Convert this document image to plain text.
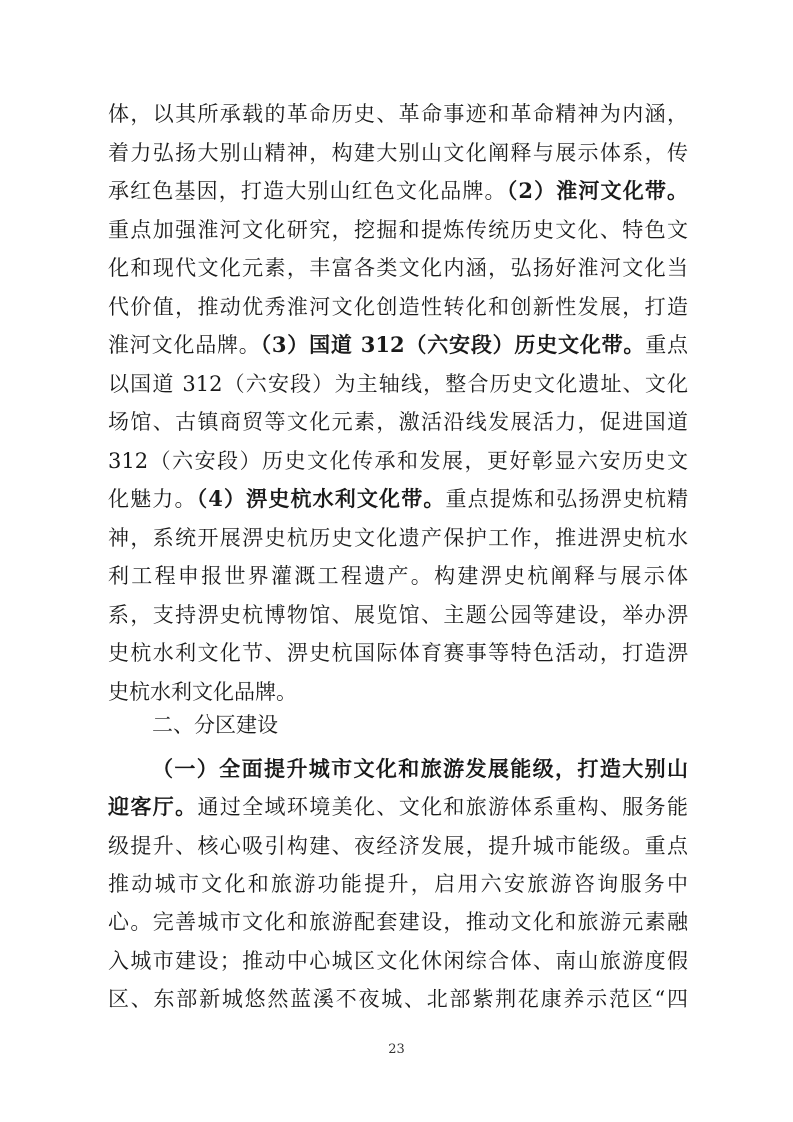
体，以其所承载的革命历史、革命事迹和革命精神为内涵，
着力弘扬大别山精神，构建大别山文化阐释与展示体系，传
承红色基因，打造大别山红色文化品牌。（2）淮河文化带。
重点加强淮河文化研究，挖掘和提炼传统历史文化、特色文
化和现代文化元素，丰富各类文化内涵，弘扬好淮河文化当
代价值，推动优秀淮河文化创造性转化和创新性发展，打造
淮河文化品牌。（3）国道 312（六安段）历史文化带。重点
以国道 312（六安段）为主轴线，整合历史文化遗址、文化
场馆、古镇商贸等文化元素，激活沿线发展活力，促进国道
312（六安段）历史文化传承和发展，更好彰显六安历史文
化魅力。（4）淠史杭水利文化带。重点提炼和弘扬淠史杭精
神，系统开展淠史杭历史文化遗产保护工作，推进淠史杭水
利工程申报世界灌溉工程遗产。构建淠史杭阐释与展示体
系，支持淠史杭博物馆、展览馆、主题公园等建设，举办淠
史杭水利文化节、淠史杭国际体育赛事等特色活动，打造淠
史杭水利文化品牌。
二、分区建设
（一）全面提升城市文化和旅游发展能级，打造大别山
迎客厅。通过全域环境美化、文化和旅游体系重构、服务能
级提升、核心吸引构建、夜经济发展，提升城市能级。重点
推动城市文化和旅游功能提升，启用六安旅游咨询服务中
心。完善城市文化和旅游配套建设，推动文化和旅游元素融
入城市建设；推动中心城区文化休闲综合体、南山旅游度假
区、东部新城悠然蓝溪不夜城、北部紫荆花康养示范区“四
23
